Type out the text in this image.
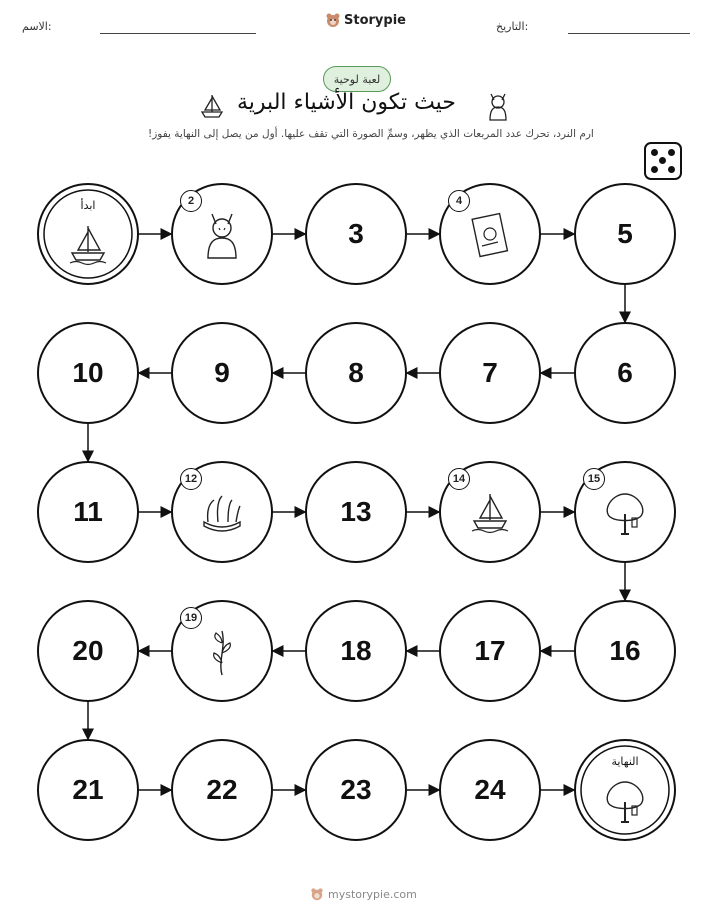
الاسم:	Storypie	التاريخ:
لعبة لوحية
حيث تكون الأشياء البرية
ارم النرد، تحرك عدد المربعات الذي يظهر، وسمِّ الصورة التي تقف عليها. أول من يصل إلى النهاية يفوز!
ابدأ	2
3
4
5
6
7
8
9
10
11
12
13
14	15
16
17
18
19
20
21	22	23	24
النهاية
mystorypie.com
